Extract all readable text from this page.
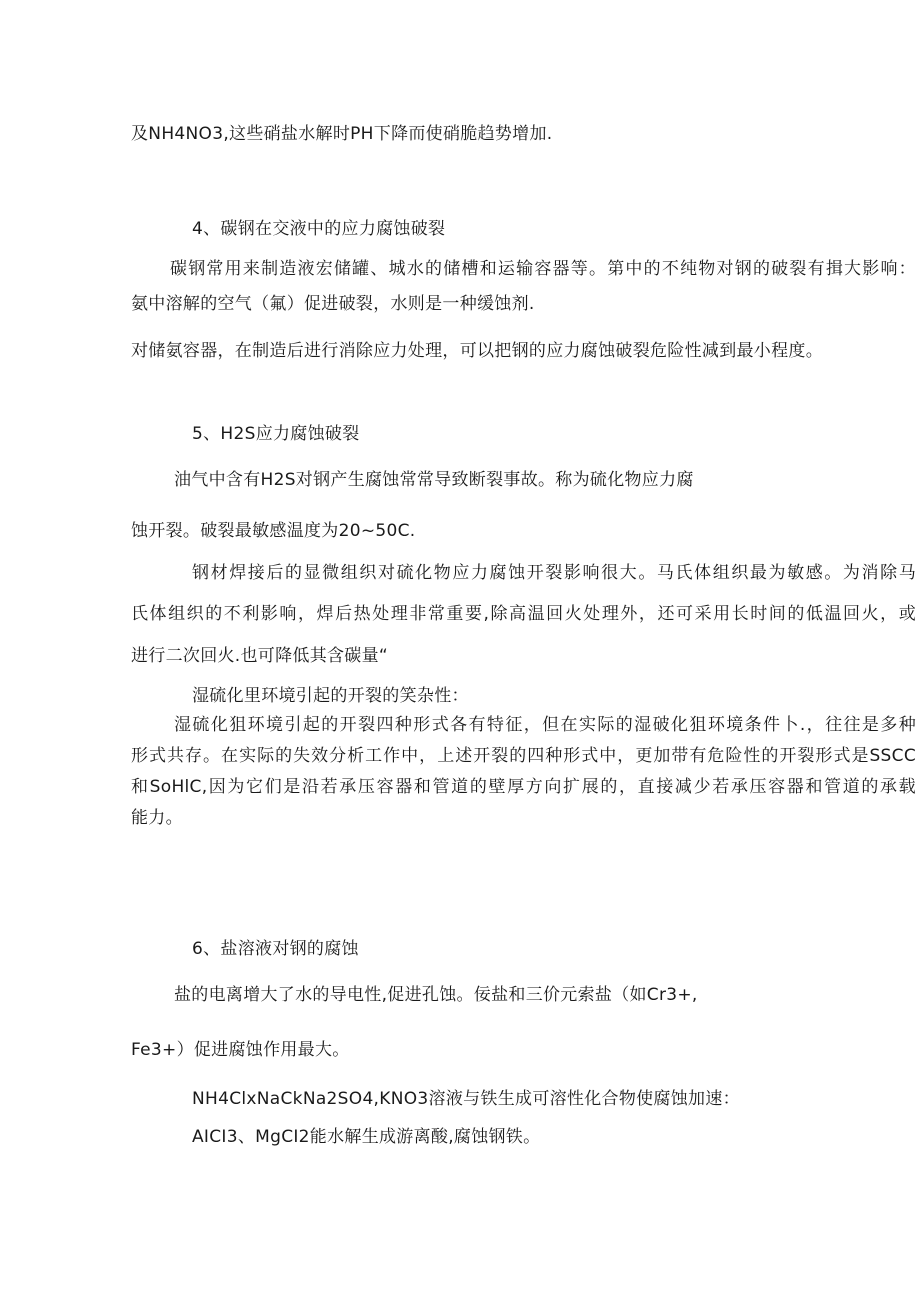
及NH4NO3,这些硝盐水解时PH下降而使硝脆趋势增加.
4、碳钢在交液中的应力腐蚀破裂
碳钢常用来制造液宏储罐、城水的储槽和运输容器等。第中的不纯物对钢的破裂有揖大影响：
氨中溶解的空气（氟）促进破裂，水则是一种缓蚀剂.
对储氨容器，在制造后进行消除应力处理，可以把钢的应力腐蚀破裂危险性减到最小程度。
5、H2S应力腐蚀破裂
油气中含有H2S对钢产生腐蚀常常导致断裂事故。称为硫化物应力腐
蚀开裂。破裂最敏感温度为20~50C.
钢材焊接后的显微组织对硫化物应力腐蚀开裂影响很大。马氏体组织最为敏感。为消除马
氏体组织的不利影响，焊后热处理非常重要,除高温回火处理外，还可采用长时间的低温回火，或
进行二次回火.也可降低其含碳量“
湿硫化里环境引起的开裂的笑杂性：
湿硫化狙环境引起的开裂四种形式各有特征，但在实际的湿破化狙环境条件卜.，往往是多种
形式共存。在实际的失效分析工作中，上述开裂的四种形式中，更加带有危险性的开裂形式是SSCC
和SoHlC,因为它们是沿若承压容器和管道的壁厚方向扩展的，直接减少若承压容器和管道的承载
能力。
6、盐溶液对钢的腐蚀
盐的电离增大了水的导电性,促进孔蚀。佞盐和三价元索盐（如Cr3+,
Fe3+）促进腐蚀作用最大。
NH4ClxNaCkNa2SO4,KNO3溶液与铁生成可溶性化合物使腐蚀加速：
AICI3、MgCI2能水解生成游离酸,腐蚀钢铁。
